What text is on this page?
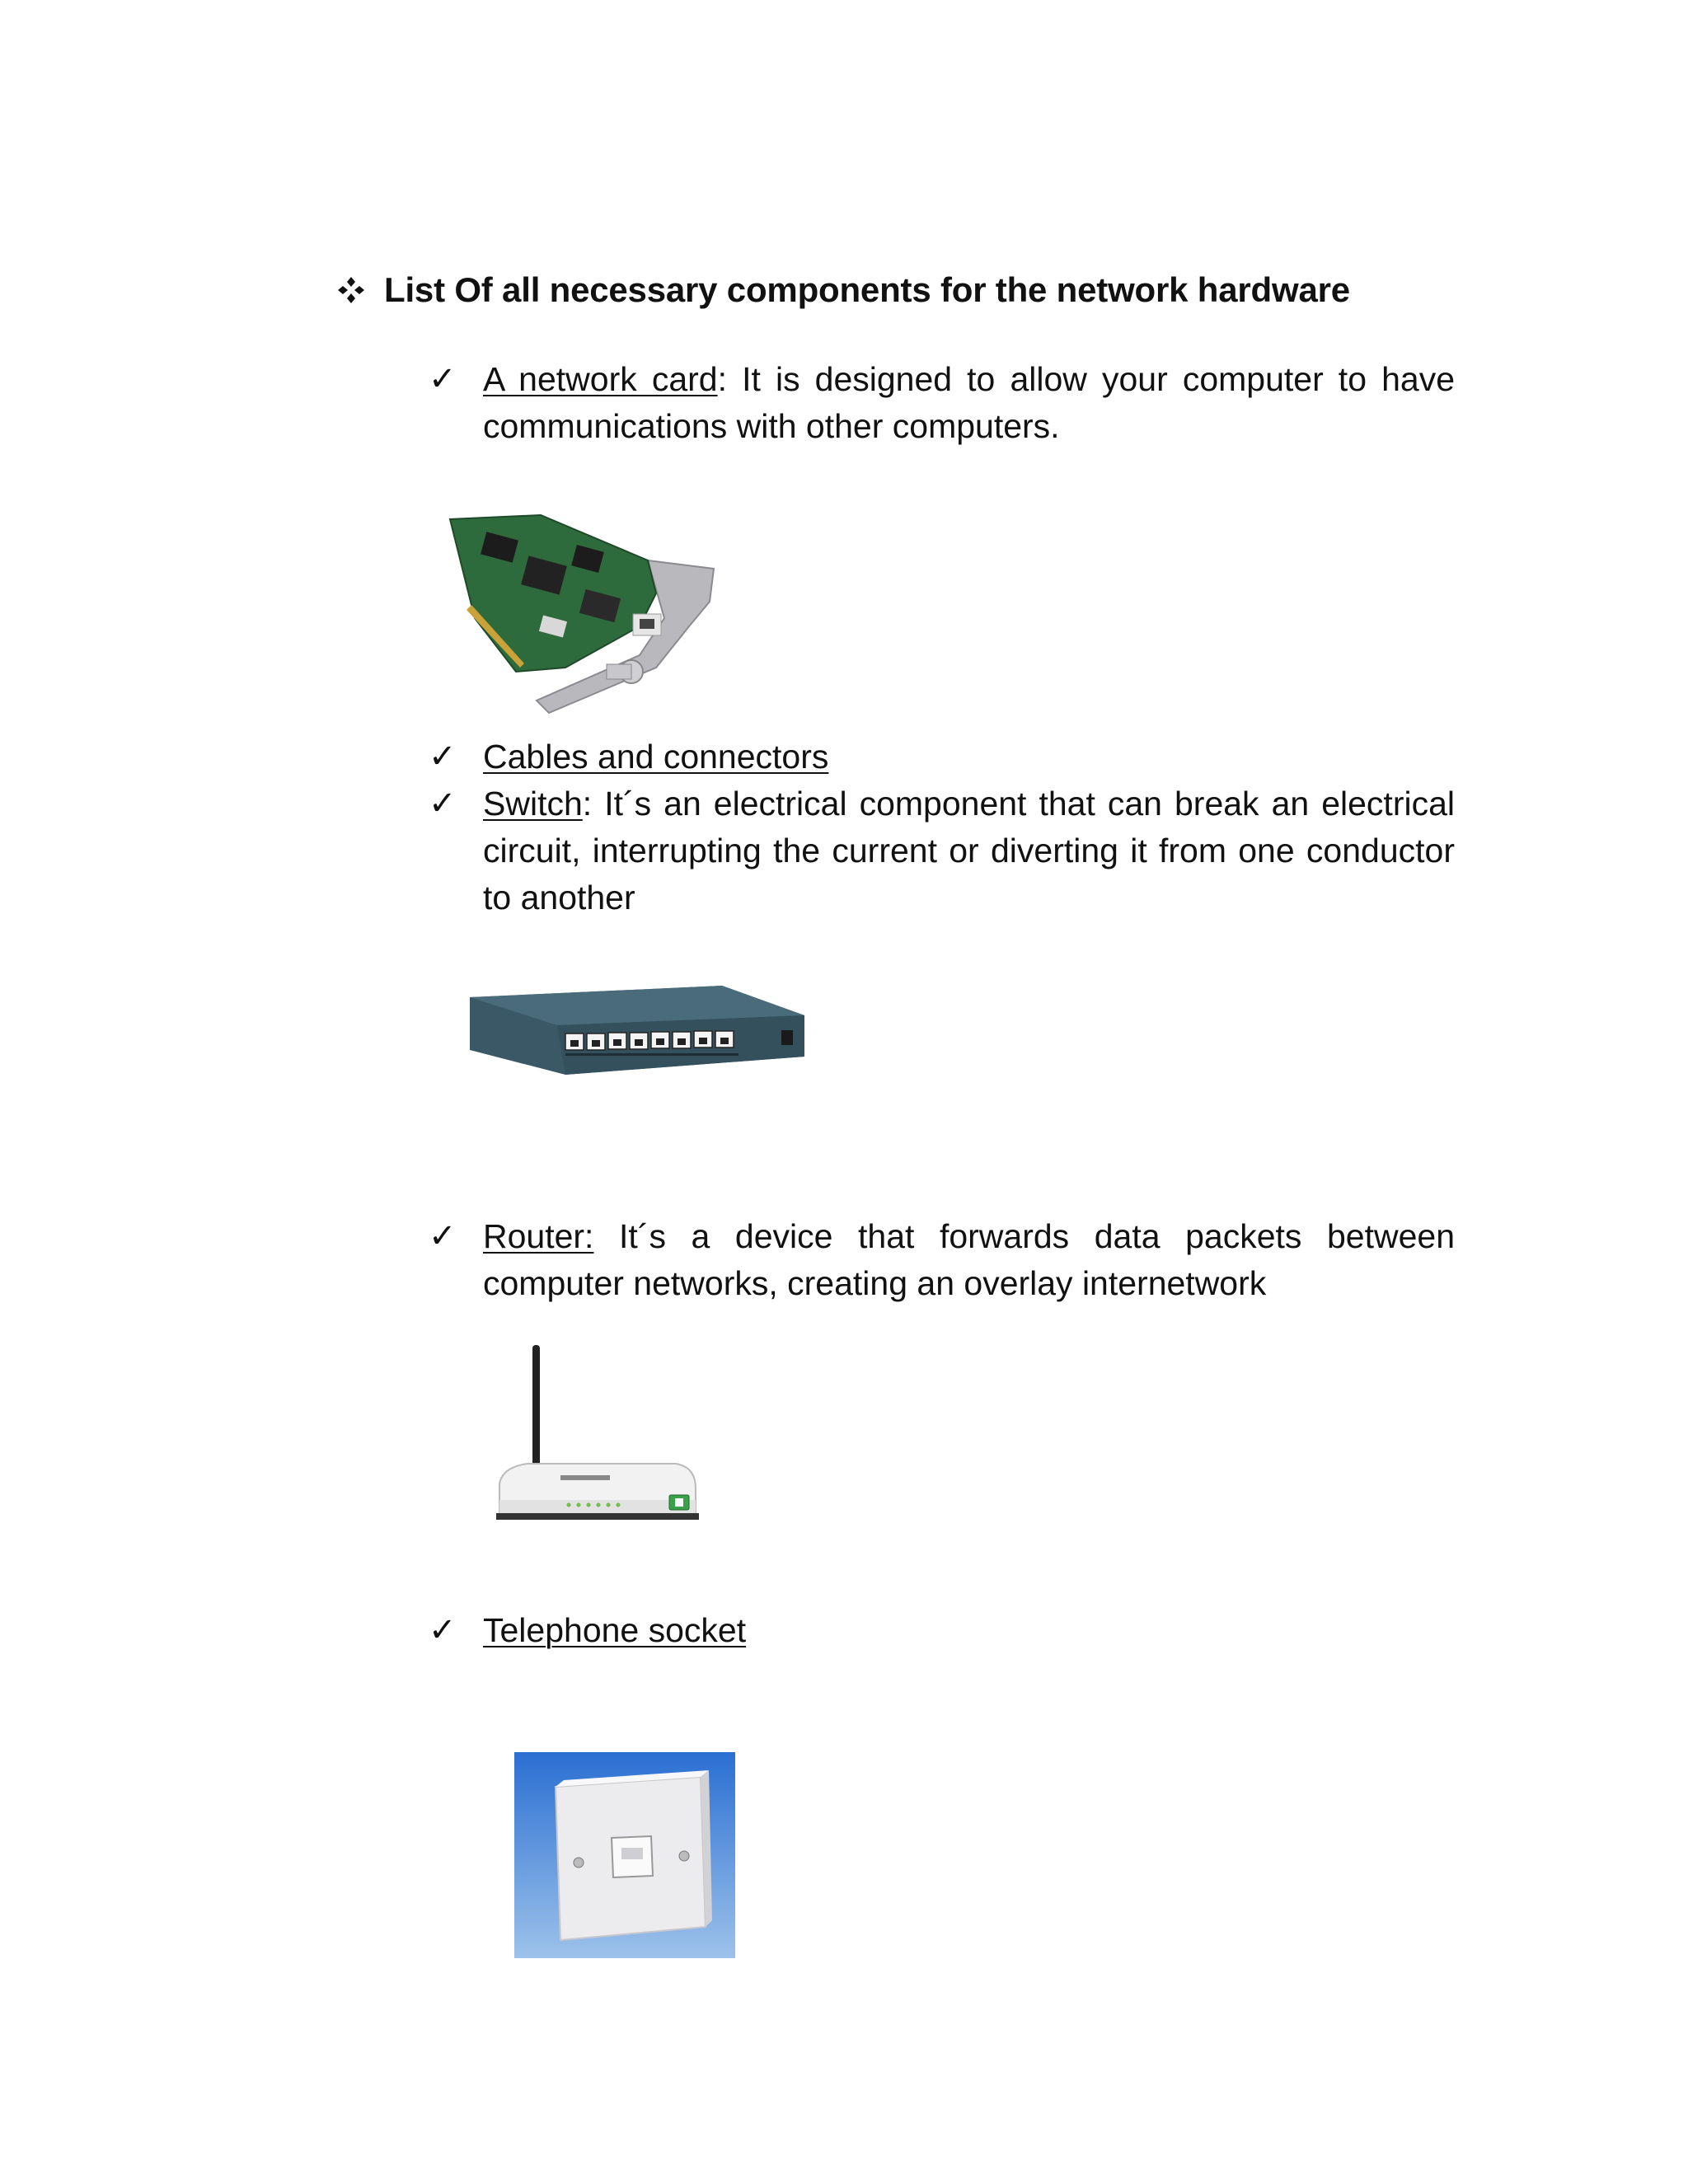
List Of all necessary components for the network hardware
✓ A network card: It is designed to allow your computer to have communications with other computers.
✓ Cables and connectors
✓ Switch: It´s an electrical component that can break an electrical circuit, interrupting the current or diverting it from one conductor to another
✓ Router: It´s a device that forwards data packets between computer networks, creating an overlay internetwork
✓ Telephone socket
